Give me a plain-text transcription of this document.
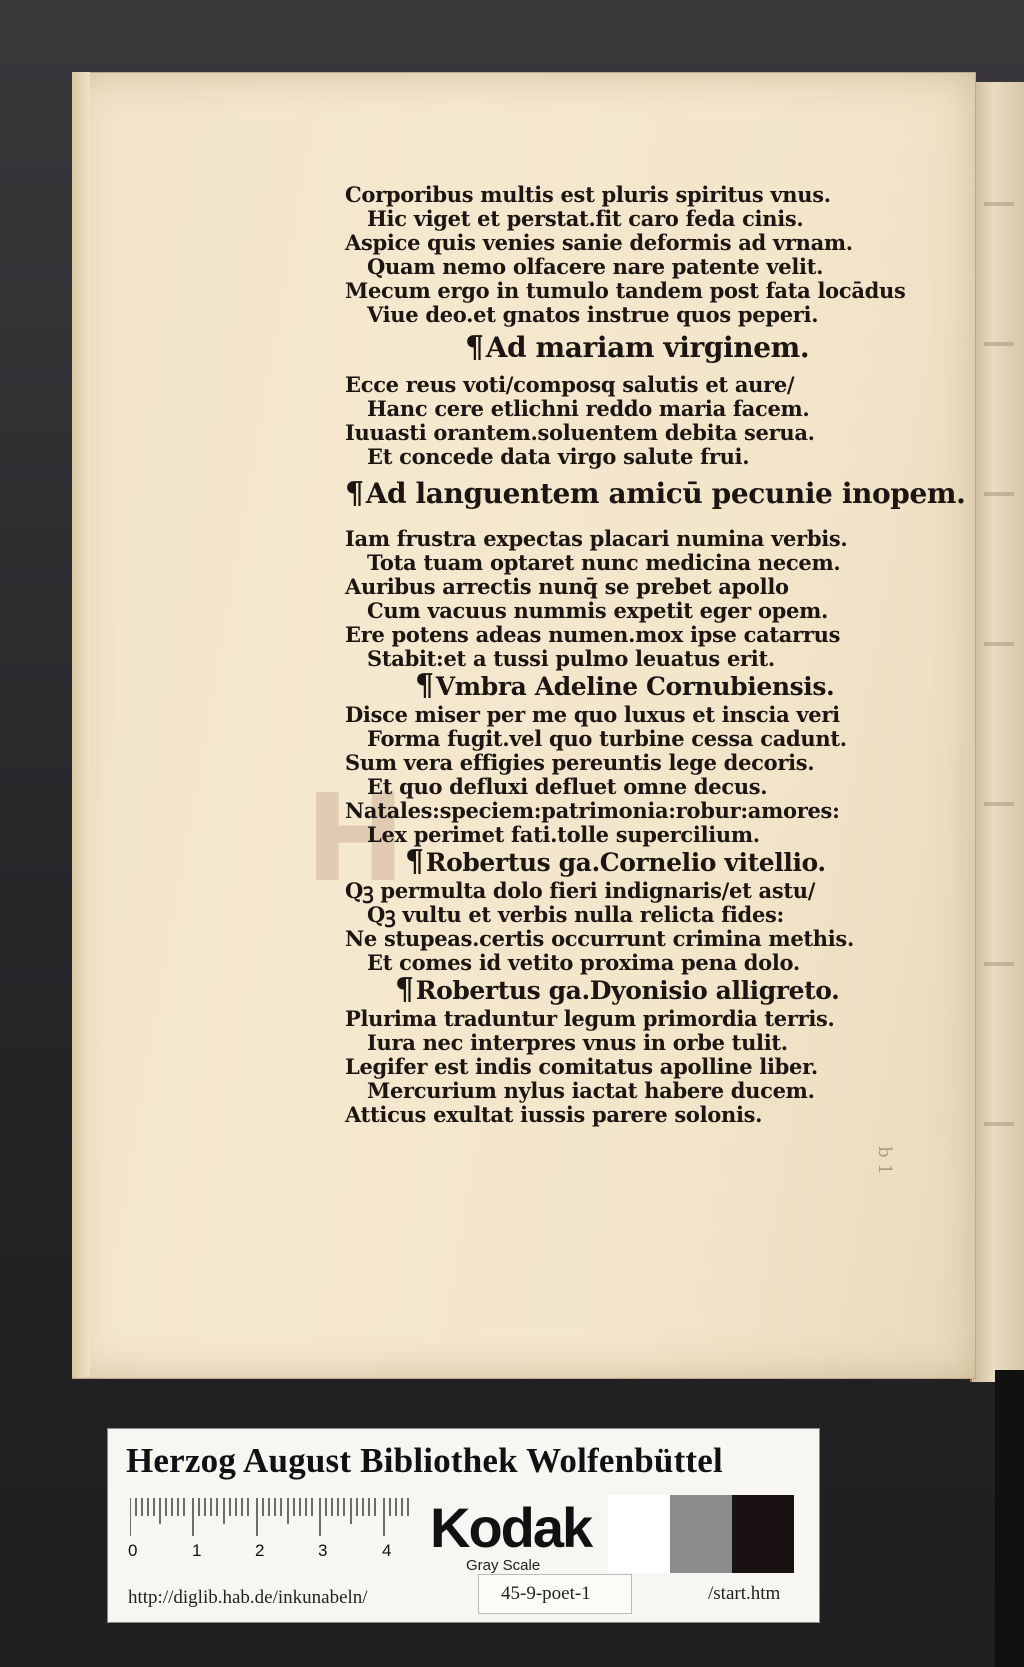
H
b 1
Corporibus multis est pluris spiritus vnus.
Hic viget et perstat.fit caro feda cinis.
Aspice quis venies sanie deformis ad vrnam.
Quam nemo olfacere nare patente velit.
Mecum ergo in tumulo tandem post fata locādus
Viue deo.et gnatos instrue quos peperi.
¶Ad mariam virginem.
Ecce reus voti/composq salutis et aure/
Hanc cere etlichni reddo maria facem.
Iuuasti orantem.soluentem debita serua.
Et concede data virgo salute frui.
¶Ad languentem amicū pecunie inopem.
Iam frustra expectas placari numina verbis.
Tota tuam optaret nunc medicina necem.
Auribus arrectis nunq̄ se prebet apollo
Cum vacuus nummis expetit eger opem.
Ere potens adeas numen.mox ipse catarrus
Stabit:et a tussi pulmo leuatus erit.
¶Vmbra Adeline Cornubiensis.
Disce miser per me quo luxus et inscia veri
Forma fugit.vel quo turbine cessa cadunt.
Sum vera effigies pereuntis lege decoris.
Et quo defluxi defluet omne decus.
Natales:speciem:patrimonia:robur:amores:
Lex perimet fati.tolle supercilium.
¶Robertus ga.Cornelio vitellio.
Qꝫ permulta dolo fieri indignaris/et astu/
Qꝫ vultu et verbis nulla relicta fides:
Ne stupeas.certis occurrunt crimina methis.
Et comes id vetito proxima pena dolo.
¶Robertus ga.Dyonisio alligreto.
Plurima traduntur legum primordia terris.
Iura nec interpres vnus in orbe tulit.
Legifer est indis comitatus apolline liber.
Mercurium nylus iactat habere ducem.
Atticus exultat iussis parere solonis.
Herzog August Bibliothek Wolfenbüttel
0	1	2	3	4 Kodak
Gray Scale
http://diglib.hab.de/inkunabeln/	45-9-poet-1	/start.htm
